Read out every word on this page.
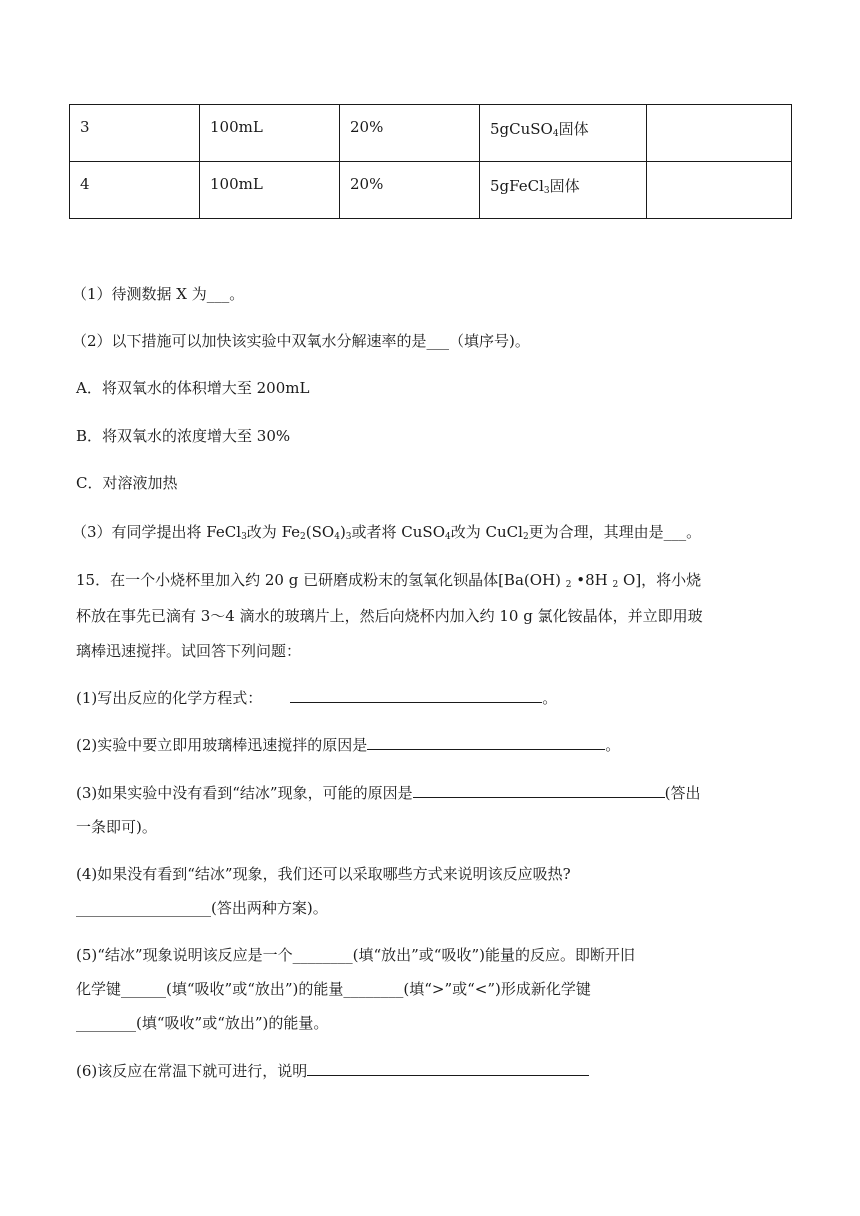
3	100mL	20%	5gCuSO$_4$固体	
4	100mL	20%	5gFeCl$_3$固体	
（1）待测数据 X 为___。
（2）以下措施可以加快该实验中双氧水分解速率的是___（填序号)。
A．将双氧水的体积增大至 200mL
B．将双氧水的浓度增大至 30%
C．对溶液加热
（3）有同学提出将 FeCl$_3$改为 $Fe_2(SO_4)_3$或者将 CuSO$_4$改为 CuCl$_2$更为合理，其理由是___。
15．在一个小烧杯里加入约 20 g 已研磨成粉末的氢氧化钡晶体[Ba(OH) $_2$ •8H $_2$ O]，将小烧
杯放在事先已滴有 3～4 滴水的玻璃片上，然后向烧杯内加入约 10 g 氯化铵晶体，并立即用玻
璃棒迅速搅拌。试回答下列问题：
(1)写出反应的化学方程式：	。
(2)实验中要立即用玻璃棒迅速搅拌的原因是	。
(3)如果实验中没有看到“结冰”现象，可能的原因是	(答出
一条即可)。
(4)如果没有看到“结冰”现象，我们还可以采取哪些方式来说明该反应吸热?
__________________(答出两种方案)。
(5)“结冰”现象说明该反应是一个________(填“放出”或“吸收”)能量的反应。即断开旧
化学键______(填“吸收”或“放出”)的能量________(填“>”或“<”)形成新化学键
________(填“吸收”或“放出”)的能量。
(6)该反应在常温下就可进行，说明
